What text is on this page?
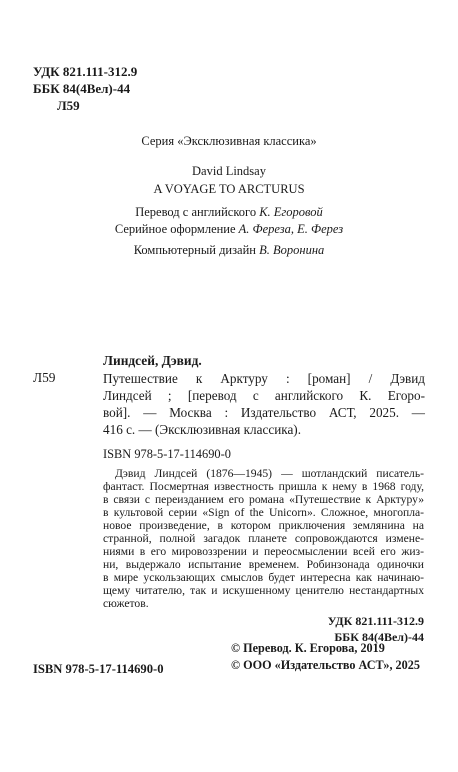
УДК 821.111-312.9
ББК 84(4Вел)-44
Л59
Серия «Эксклюзивная классика»
David Lindsay
A VOYAGE TO ARCTURUS
Перевод с английского К. Егоровой
Серийное оформление А. Фереза, Е. Ферез
Компьютерный дизайн В. Воронина
Линдсей, Дэвид.
Л59	Путешествие к Арктуру : [роман] / Дэвид
Линдсей ; [перевод с английского К. Егоро-
вой]. — Москва : Издательство АСТ, 2025. —
416 с. — (Эксклюзивная классика).
ISBN 978-5-17-114690-0
Дэвид Линдсей (1876—1945) — шотландский писатель-
фантаст. Посмертная известность пришла к нему в 1968 году,
в связи с переизданием его романа «Путешествие к Арктуру»
в культовой серии «Sign of the Unicorn». Сложное, многопла-
новое произведение, в котором приключения землянина на
странной, полной загадок планете сопровождаются измене-
ниями в его мировоззрении и переосмыслении всей его жиз-
ни, выдержало испытание временем. Робинзонада одиночки
в мире ускользающих смыслов будет интересна как начинаю-
щему читателю, так и искушенному ценителю нестандартных
сюжетов.
УДК 821.111-312.9
ББК 84(4Вел)-44
ISBN 978-5-17-114690-0
© Перевод. К. Егорова, 2019
© ООО «Издательство АСТ», 2025
